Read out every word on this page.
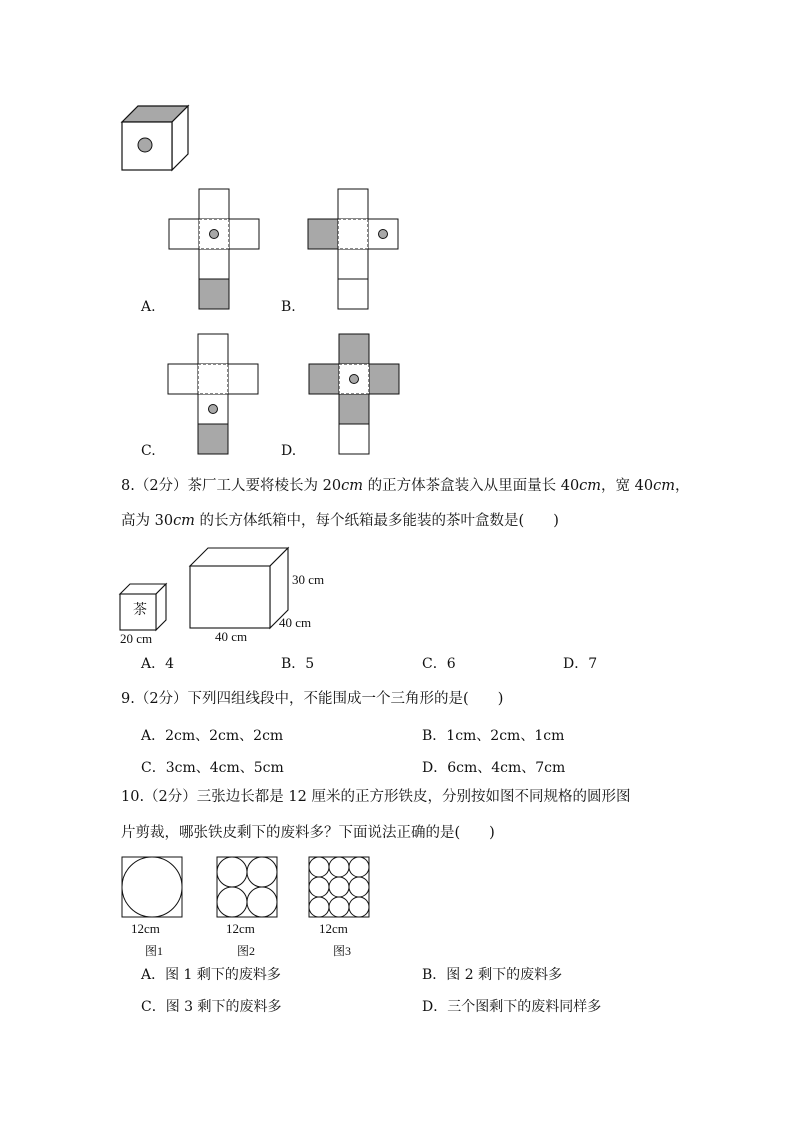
A.	B.
C.	D.
8.（2分）茶厂工人要将棱长为 20cm 的正方体茶盒装入从里面量长 40cm，宽 40cm，
高为 30cm 的长方体纸箱中，每个纸箱最多能装的茶叶盒数是(　　)
茶
20 cm
30 cm
40 cm
40 cm
A．4	B．5	C．6	D．7
9.（2分）下列四组线段中，不能围成一个三角形的是(　　)
A．2cm、2cm、2cm	B．1cm、2cm、1cm
C．3cm、4cm、5cm	D．6cm、4cm、7cm
10.（2分）三张边长都是 12 厘米的正方形铁皮，分别按如图不同规格的圆形图
片剪裁，哪张铁皮剩下的废料多？下面说法正确的是(　　)
12cm
图1
12cm
图2
12cm
图3
A．图 1 剩下的废料多	B．图 2 剩下的废料多
C．图 3 剩下的废料多	D．三个图剩下的废料同样多
